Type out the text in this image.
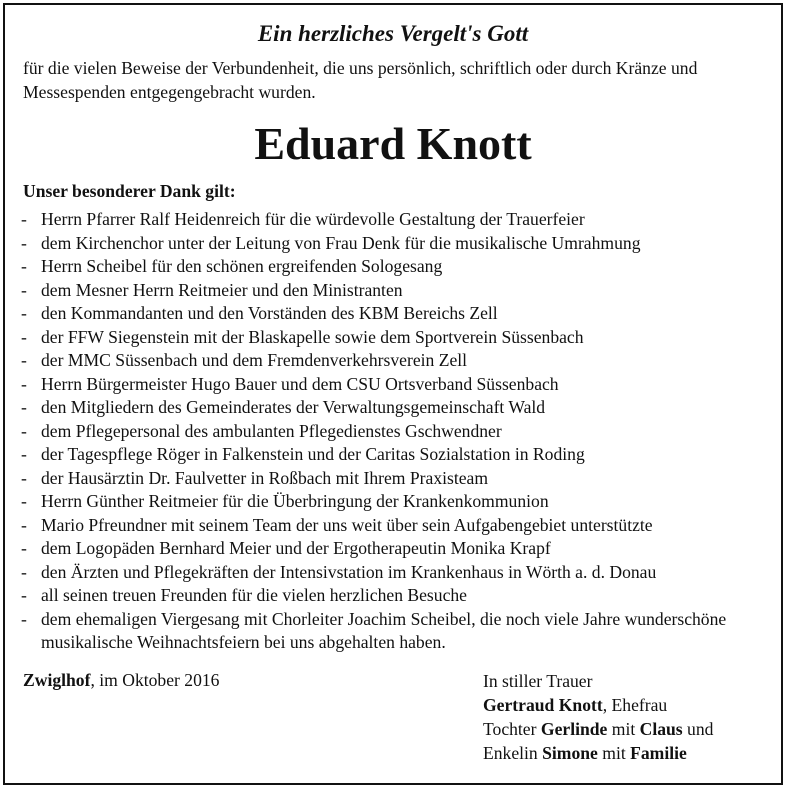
Ein herzliches Vergelt's Gott
für die vielen Beweise der Verbundenheit, die uns persönlich, schriftlich oder durch Kränze und Messespenden entgegengebracht wurden.
Eduard Knott
Unser besonderer Dank gilt:
- Herrn Pfarrer Ralf Heidenreich für die würdevolle Gestaltung der Trauerfeier
- dem Kirchenchor unter der Leitung von Frau Denk für die musikalische Umrahmung
- Herrn Scheibel für den schönen ergreifenden Sologesang
- dem Mesner Herrn Reitmeier und den Ministranten
- den Kommandanten und den Vorständen des KBM Bereichs Zell
- der FFW Siegenstein mit der Blaskapelle sowie dem Sportverein Süssenbach
- der MMC Süssenbach und dem Fremdenverkehrsverein Zell
- Herrn Bürgermeister Hugo Bauer und dem CSU Ortsverband Süssenbach
- den Mitgliedern des Gemeinderates der Verwaltungsgemeinschaft Wald
- dem Pflegepersonal des ambulanten Pflegedienstes Gschwendner
- der Tagespflege Röger in Falkenstein und der Caritas Sozialstation in Roding
- der Hausärztin Dr. Faulvetter in Roßbach mit Ihrem Praxisteam
- Herrn Günther Reitmeier für die Überbringung der Krankenkommunion
- Mario Pfreundner mit seinem Team der uns weit über sein Aufgabengebiet unterstützte
- dem Logopäden Bernhard Meier und der Ergotherapeutin Monika Krapf
- den Ärzten und Pflegekräften der Intensivstation im Krankenhaus in Wörth a. d. Donau
- all seinen treuen Freunden für die vielen herzlichen Besuche
- dem ehemaligen Viergesang mit Chorleiter Joachim Scheibel, die noch viele Jahre wunderschöne musikalische Weihnachtsfeiern bei uns abgehalten haben.
Zwiglhof, im Oktober 2016	In stiller Trauer
Gertraud Knott, Ehefrau
Tochter Gerlinde mit Claus und
Enkelin Simone mit Familie
